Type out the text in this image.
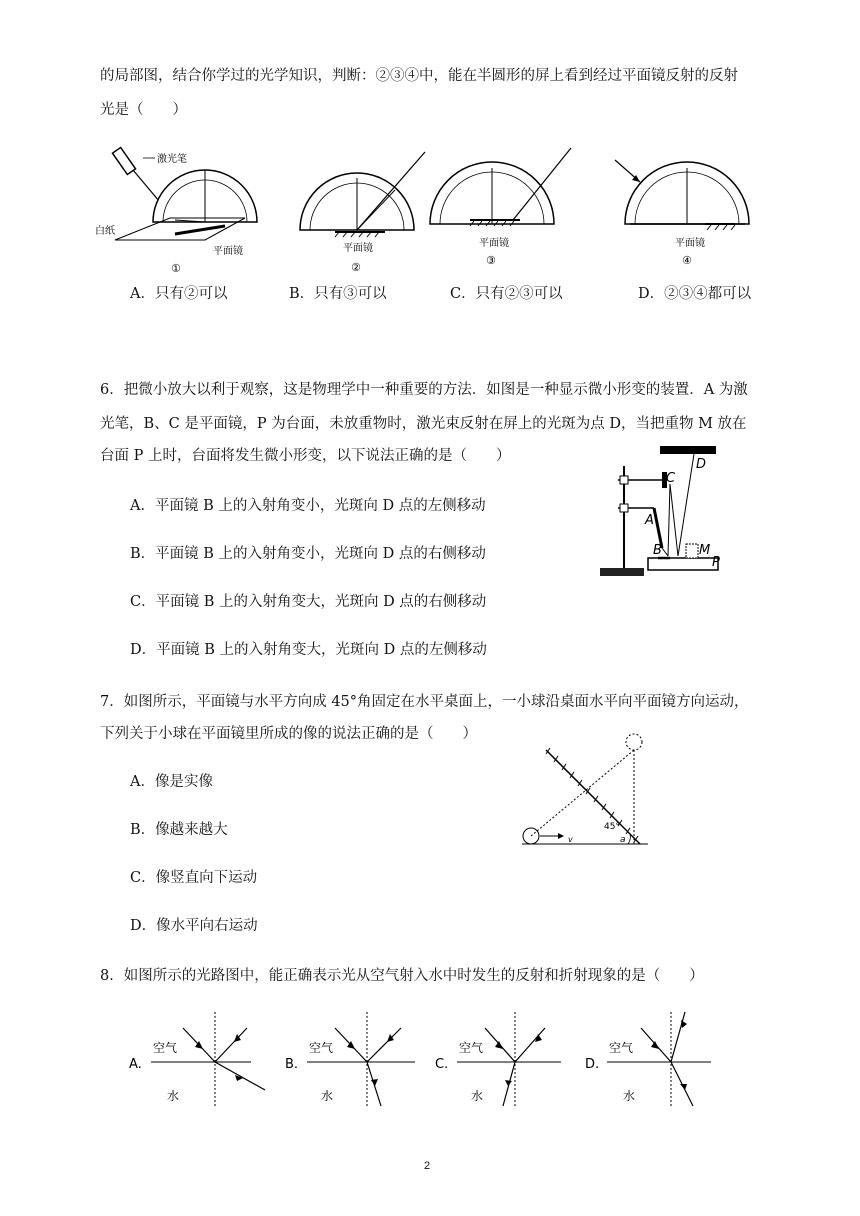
的局部图，结合你学过的光学知识，判断：②③④中，能在半圆形的屏上看到经过平面镜反射的反射
光是（　　）
激光笔
白纸
平面镜
①
平面镜
②
平面镜
③
平面镜
④
A．只有②可以	B．只有③可以	C．只有②③可以	D．②③④都可以
6．把微小放大以利于观察，这是物理学中一种重要的方法．如图是一种显示微小形变的装置．A 为激
光笔，B、C 是平面镜，P 为台面，未放重物时，激光束反射在屏上的光斑为点 D，当把重物 M 放在
台面 P 上时，台面将发生微小形变，以下说法正确的是（　　）
A．平面镜 B 上的入射角变小，光斑向 D 点的左侧移动
B．平面镜 B 上的入射角变小，光斑向 D 点的右侧移动
C．平面镜 B 上的入射角变大，光斑向 D 点的右侧移动
D．平面镜 B 上的入射角变大，光斑向 D 点的左侧移动
C
D
A
B	M
P
7．如图所示，平面镜与水平方向成 45°角固定在水平桌面上，一小球沿桌面水平向平面镜方向运动，
下列关于小球在平面镜里所成的像的说法正确的是（　　）
A．像是实像
B．像越来越大
C．像竖直向下运动
D．像水平向右运动
v
45°
a
8．如图所示的光路图中，能正确表示光从空气射入水中时发生的反射和折射现象的是（　　）
A.
空气
水
B.
空气
水
C.
空气
水
D.
空气
水
2
